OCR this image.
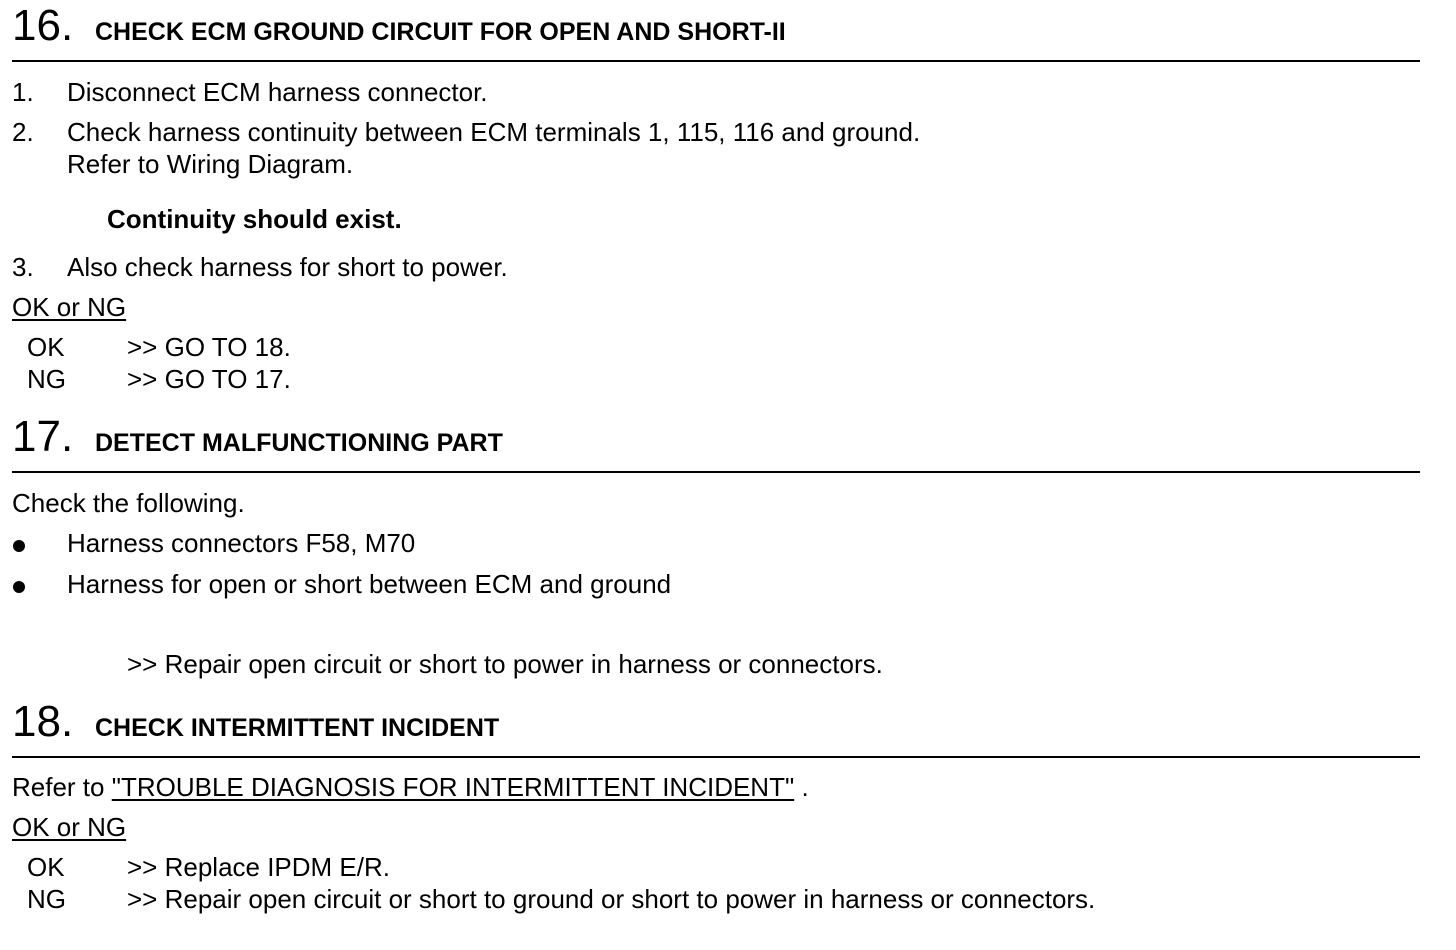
16. CHECK ECM GROUND CIRCUIT FOR OPEN AND SHORT-II
1. Disconnect ECM harness connector.
2. Check harness continuity between ECM terminals 1, 115, 116 and ground.
Refer to Wiring Diagram.
Continuity should exist.
3. Also check harness for short to power.
OK or NG
OK >> GO TO 18.
NG >> GO TO 17.
17. DETECT MALFUNCTIONING PART
Check the following.
Harness connectors F58, M70
Harness for open or short between ECM and ground
>> Repair open circuit or short to power in harness or connectors.
18. CHECK INTERMITTENT INCIDENT
Refer to "TROUBLE DIAGNOSIS FOR INTERMITTENT INCIDENT" .
OK or NG
OK >> Replace IPDM E/R.
NG >> Repair open circuit or short to ground or short to power in harness or connectors.
